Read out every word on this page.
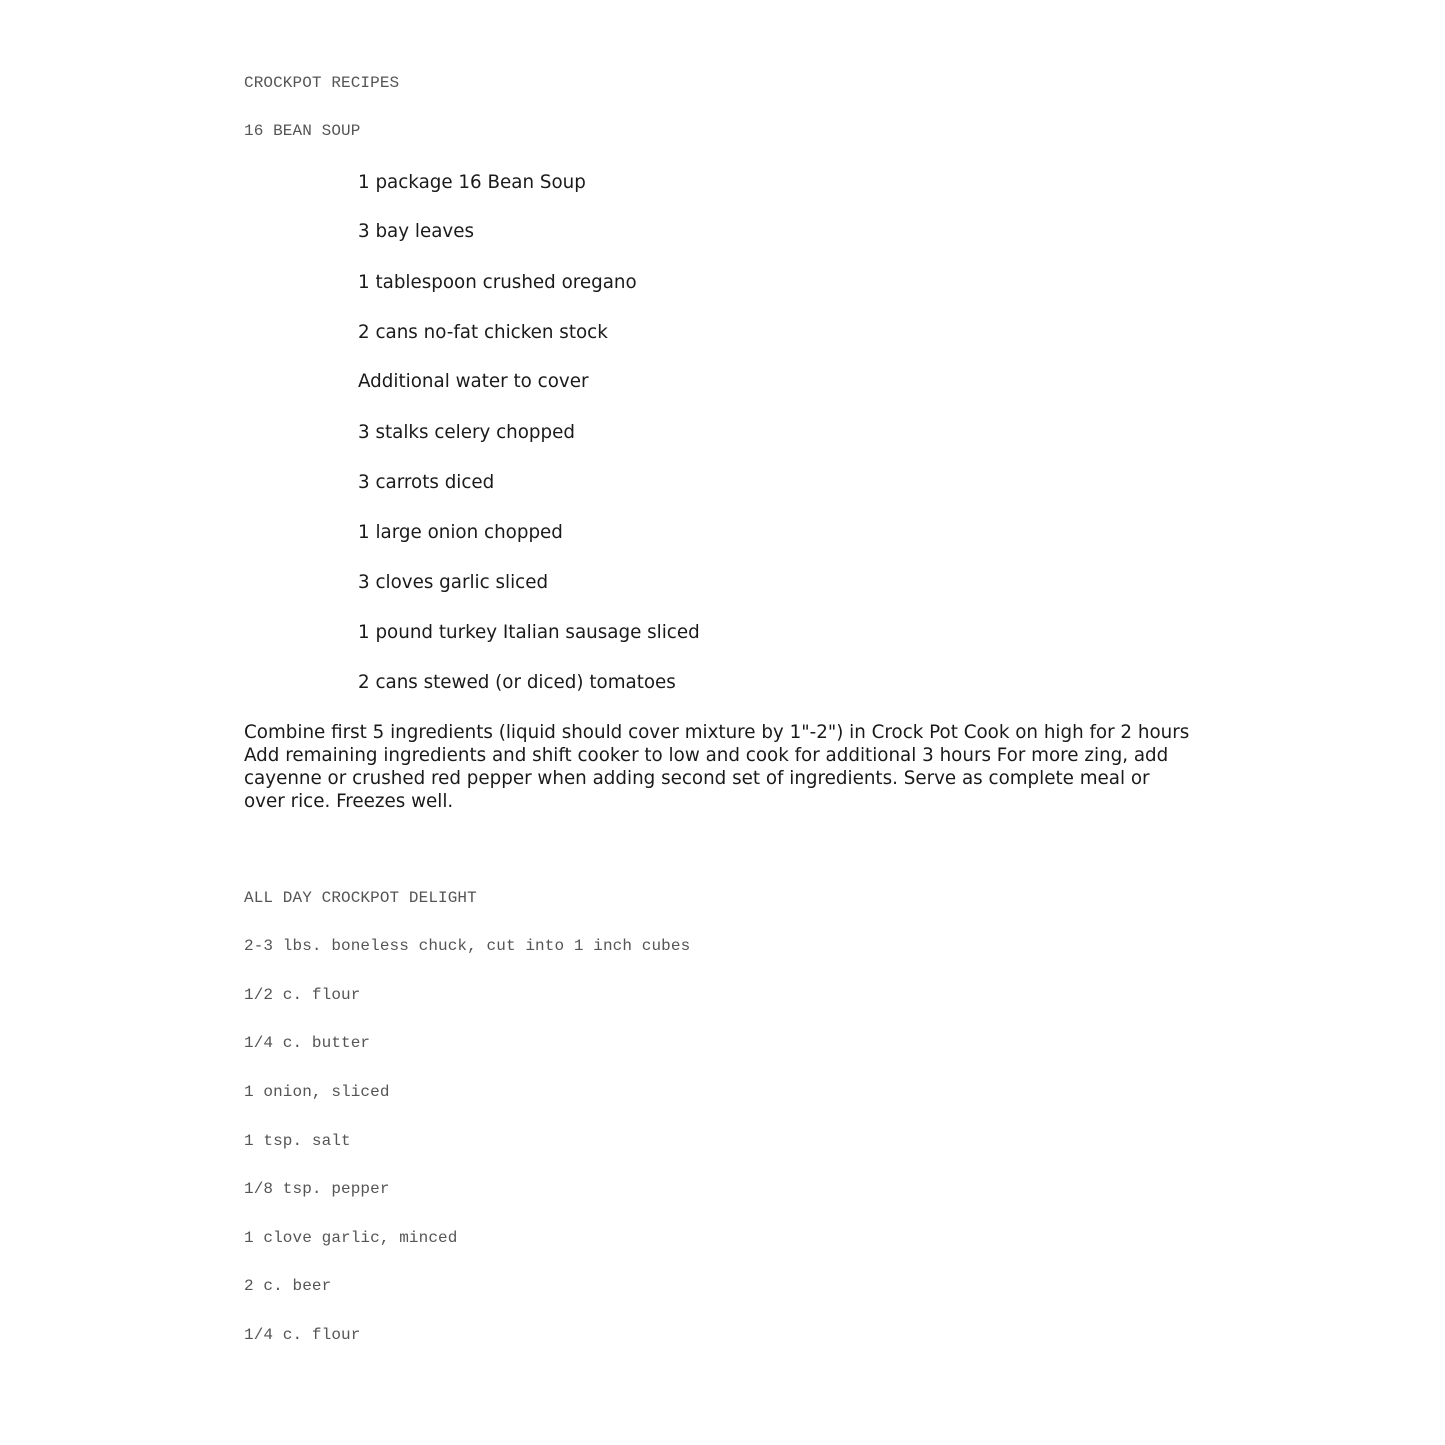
CROCKPOT RECIPES
16 BEAN SOUP
1 package 16 Bean Soup
3 bay leaves
1 tablespoon crushed oregano
2 cans no-fat chicken stock
Additional water to cover
3 stalks celery chopped
3 carrots diced
1 large onion chopped
3 cloves garlic sliced
1 pound turkey Italian sausage sliced
2 cans stewed (or diced) tomatoes
Combine first 5 ingredients (liquid should cover mixture by 1"-2") in Crock Pot Cook on high for 2 hours Add remaining ingredients and shift cooker to low and cook for additional 3 hours For more zing, add cayenne or crushed red pepper when adding second set of ingredients. Serve as complete meal or over rice. Freezes well.
ALL DAY CROCKPOT DELIGHT
2-3 lbs. boneless chuck, cut into 1 inch cubes
1/2 c. flour
1/4 c. butter
1 onion, sliced
1 tsp. salt
1/8 tsp. pepper
1 clove garlic, minced
2 c. beer
1/4 c. flour
